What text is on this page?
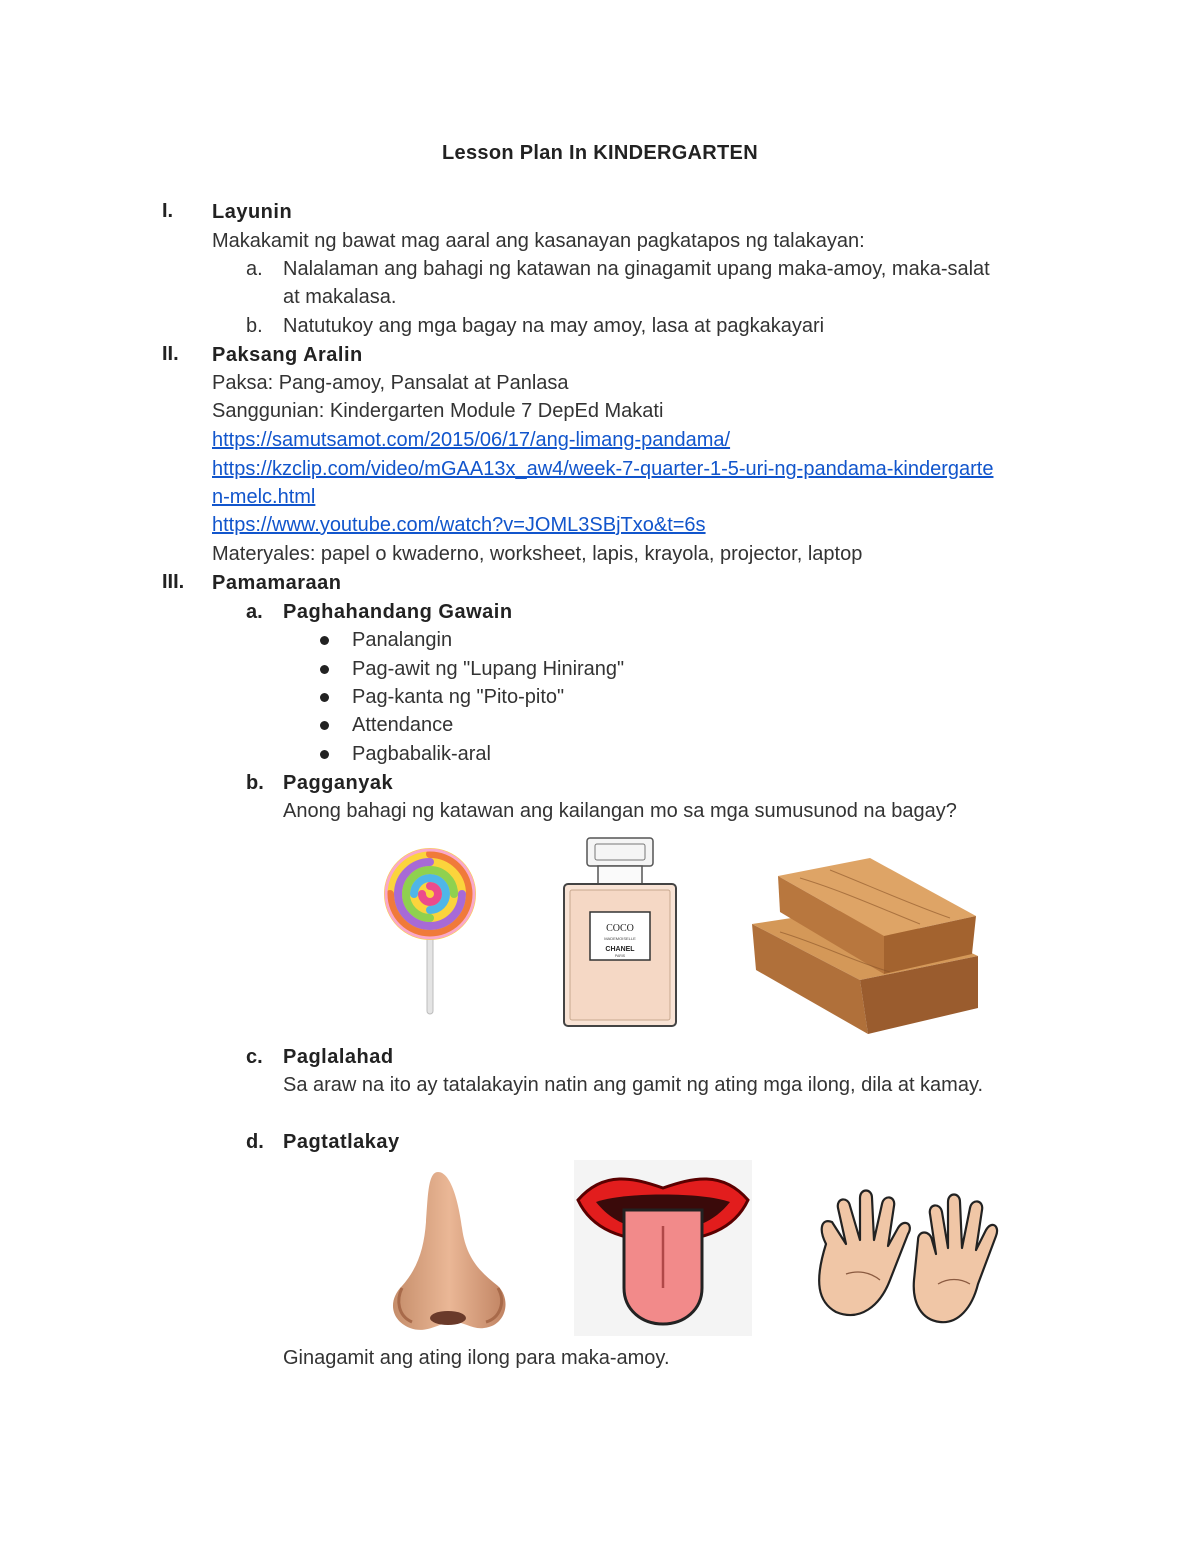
Lesson Plan In KINDERGARTEN
I. Layunin
Makakamit ng bawat mag aaral ang kasanayan pagkatapos ng talakayan:
a. Nalalaman ang bahagi ng katawan na ginagamit upang maka-amoy, maka-salat
at makalasa.
b. Natutukoy ang mga bagay na may amoy, lasa at pagkakayari
II. Paksang Aralin
Paksa: Pang-amoy, Pansalat at Panlasa
Sanggunian: Kindergarten Module 7 DepEd Makati
https://samutsamot.com/2015/06/17/ang-limang-pandama/
https://kzclip.com/video/mGAA13x_aw4/week-7-quarter-1-5-uri-ng-pandama-kindergarte
n-melc.html
https://www.youtube.com/watch?v=JOML3SBjTxo&t=6s
Materyales: papel o kwaderno, worksheet, lapis, krayola, projector, laptop
III. Pamamaraan
a. Paghahandang Gawain
Panalangin
Pag-awit ng "Lupang Hinirang"
Pag-kanta ng "Pito-pito"
Attendance
Pagbabalik-aral
b. Pagganyak
Anong bahagi ng katawan ang kailangan mo sa mga sumusunod na bagay?
COCO
MADEMOISELLE
CHANEL
PARIS
c. Paglalahad
Sa araw na ito ay tatalakayin natin ang gamit ng ating mga ilong, dila at kamay.
d. Pagtatlakay
Ginagamit ang ating ilong para maka-amoy.
